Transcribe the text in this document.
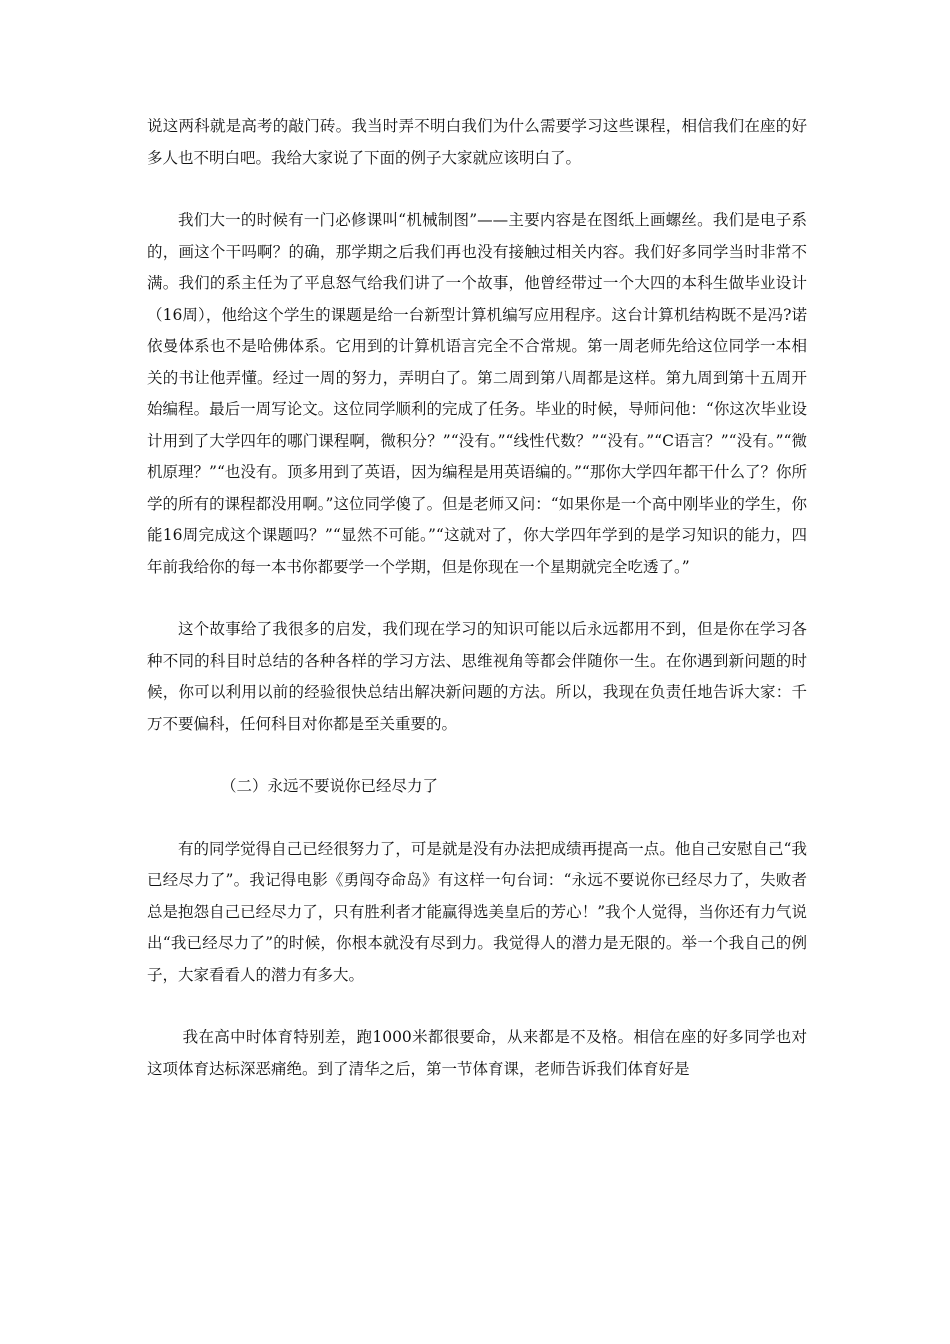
说这两科就是高考的敲门砖。我当时弄不明白我们为什么需要学习这些课程，相信我们在座的好多人也不明白吧。我给大家说了下面的例子大家就应该明白了。

我们大一的时候有一门必修课叫“机械制图”——主要内容是在图纸上画螺丝。我们是电子系的，画这个干吗啊？的确，那学期之后我们再也没有接触过相关内容。我们好多同学当时非常不满。我们的系主任为了平息怒气给我们讲了一个故事，他曾经带过一个大四的本科生做毕业设计（16周），他给这个学生的课题是给一台新型计算机编写应用程序。这台计算机结构既不是冯?诺依曼体系也不是哈佛体系。它用到的计算机语言完全不合常规。第一周老师先给这位同学一本相关的书让他弄懂。经过一周的努力，弄明白了。第二周到第八周都是这样。第九周到第十五周开始编程。最后一周写论文。这位同学顺利的完成了任务。毕业的时候，导师问他：“你这次毕业设计用到了大学四年的哪门课程啊，微积分？”“没有。”“线性代数？”“没有。”“C语言？”“没有。”“微机原理？”“也没有。顶多用到了英语，因为编程是用英语编的。”“那你大学四年都干什么了？你所学的所有的课程都没用啊。”这位同学傻了。但是老师又问：“如果你是一个高中刚毕业的学生，你能16周完成这个课题吗？”“显然不可能。”“这就对了，你大学四年学到的是学习知识的能力，四年前我给你的每一本书你都要学一个学期，但是你现在一个星期就完全吃透了。”

这个故事给了我很多的启发，我们现在学习的知识可能以后永远都用不到，但是你在学习各种不同的科目时总结的各种各样的学习方法、思维视角等都会伴随你一生。在你遇到新问题的时候，你可以利用以前的经验很快总结出解决新问题的方法。所以，我现在负责任地告诉大家：千万不要偏科，任何科目对你都是至关重要的。

（二）永远不要说你已经尽力了

有的同学觉得自己已经很努力了，可是就是没有办法把成绩再提高一点。他自己安慰自己“我已经尽力了”。我记得电影《勇闯夺命岛》有这样一句台词：“永远不要说你已经尽力了，失败者总是抱怨自己已经尽力了，只有胜利者才能赢得选美皇后的芳心！”我个人觉得，当你还有力气说出“我已经尽力了”的时候，你根本就没有尽到力。我觉得人的潜力是无限的。举一个我自己的例子，大家看看人的潜力有多大。

我在高中时体育特别差，跑1000米都很要命，从来都是不及格。相信在座的好多同学也对这项体育达标深恶痛绝。到了清华之后，第一节体育课，老师告诉我们体育好是
